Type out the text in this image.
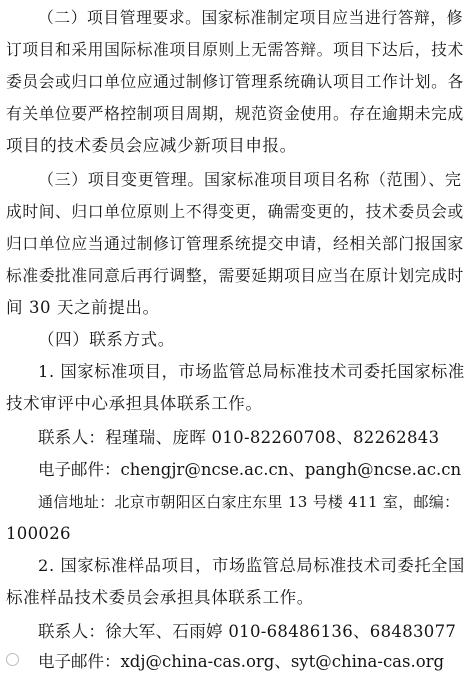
（二）项目管理要求。国家标准制定项目应当进行答辩，修
订项目和采用国际标准项目原则上无需答辩。项目下达后，技术
委员会或归口单位应通过制修订管理系统确认项目工作计划。各
有关单位要严格控制项目周期，规范资金使用。存在逾期未完成
项目的技术委员会应减少新项目申报。
（三）项目变更管理。国家标准项目项目名称（范围）、完
成时间、归口单位原则上不得变更，确需变更的，技术委员会或
归口单位应当通过制修订管理系统提交申请，经相关部门报国家
标准委批准同意后再行调整，需要延期项目应当在原计划完成时
间 30 天之前提出。
（四）联系方式。
1. 国家标准项目，市场监管总局标准技术司委托国家标准
技术审评中心承担具体联系工作。
联系人：程瑾瑞、庞晖 010-82260708、82262843
电子邮件：chengjr@ncse.ac.cn、pangh@ncse.ac.cn
通信地址：北京市朝阳区白家庄东里 13 号楼 411 室，邮编：
100026
2. 国家标准样品项目，市场监管总局标准技术司委托全国
标准样品技术委员会承担具体联系工作。
联系人：徐大军、石雨婷 010-68486136、68483077
电子邮件：xdj@china-cas.org、syt@china-cas.org
